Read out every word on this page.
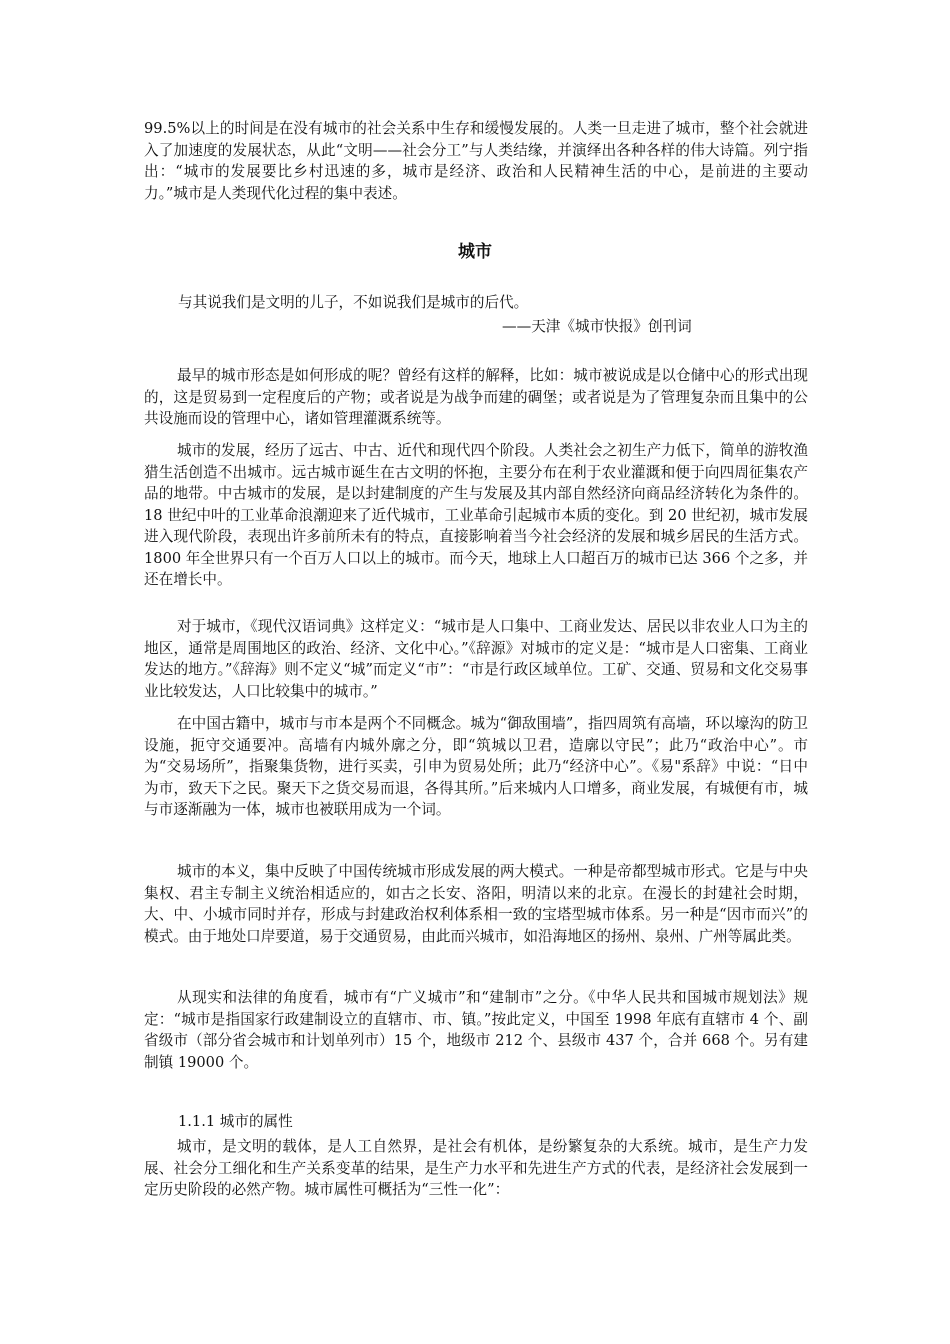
99.5%以上的时间是在没有城市的社会关系中生存和缓慢发展的。人类一旦走进了城市，整个社会就进入了加速度的发展状态，从此“文明——社会分工”与人类结缘，并演绎出各种各样的伟大诗篇。列宁指出：“城市的发展要比乡村迅速的多，城市是经济、政治和人民精神生活的中心，是前进的主要动力。”城市是人类现代化过程的集中表述。

城市

与其说我们是文明的儿子，不如说我们是城市的后代。

——天津《城市快报》创刊词

最早的城市形态是如何形成的呢？曾经有这样的解释，比如：城市被说成是以仓储中心的形式出现的，这是贸易到一定程度后的产物；或者说是为战争而建的碉堡；或者说是为了管理复杂而且集中的公共设施而设的管理中心，诸如管理灌溉系统等。

城市的发展，经历了远古、中古、近代和现代四个阶段。人类社会之初生产力低下，简单的游牧渔猎生活创造不出城市。远古城市诞生在古文明的怀抱，主要分布在利于农业灌溉和便于向四周征集农产品的地带。中古城市的发展，是以封建制度的产生与发展及其内部自然经济向商品经济转化为条件的。18 世纪中叶的工业革命浪潮迎来了近代城市，工业革命引起城市本质的变化。到 20 世纪初，城市发展进入现代阶段，表现出许多前所未有的特点，直接影响着当今社会经济的发展和城乡居民的生活方式。1800 年全世界只有一个百万人口以上的城市。而今天，地球上人口超百万的城市已达 366 个之多，并还在增长中。

对于城市，《现代汉语词典》这样定义：“城市是人口集中、工商业发达、居民以非农业人口为主的地区，通常是周围地区的政治、经济、文化中心。”《辞源》对城市的定义是：“城市是人口密集、工商业发达的地方。”《辞海》则不定义“城”而定义“市”：“市是行政区域单位。工矿、交通、贸易和文化交易事业比较发达，人口比较集中的城市。”

在中国古籍中，城市与市本是两个不同概念。城为“御敌围墙”，指四周筑有高墙，环以壕沟的防卫设施，扼守交通要冲。高墙有内城外廓之分，即“筑城以卫君，造廓以守民”；此乃“政治中心”。市为“交易场所”，指聚集货物，进行买卖，引申为贸易处所；此乃“经济中心”。《易"系辞》中说：“日中为市，致天下之民。聚天下之货交易而退，各得其所。”后来城内人口增多，商业发展，有城便有市，城与市逐渐融为一体，城市也被联用成为一个词。

城市的本义，集中反映了中国传统城市形成发展的两大模式。一种是帝都型城市形式。它是与中央集权、君主专制主义统治相适应的，如古之长安、洛阳，明清以来的北京。在漫长的封建社会时期，大、中、小城市同时并存，形成与封建政治权利体系相一致的宝塔型城市体系。另一种是“因市而兴”的模式。由于地处口岸要道，易于交通贸易，由此而兴城市，如沿海地区的扬州、泉州、广州等属此类。

从现实和法律的角度看，城市有“广义城市”和“建制市”之分。《中华人民共和国城市规划法》规定：“城市是指国家行政建制设立的直辖市、市、镇。”按此定义，中国至 1998 年底有直辖市 4 个、副省级市（部分省会城市和计划单列市）15 个，地级市 212 个、县级市 437 个，合并 668 个。另有建制镇 19000 个。

1.1.1 城市的属性

城市，是文明的载体，是人工自然界，是社会有机体，是纷繁复杂的大系统。城市，是生产力发展、社会分工细化和生产关系变革的结果，是生产力水平和先进生产方式的代表，是经济社会发展到一定历史阶段的必然产物。城市属性可概括为“三性一化”：
